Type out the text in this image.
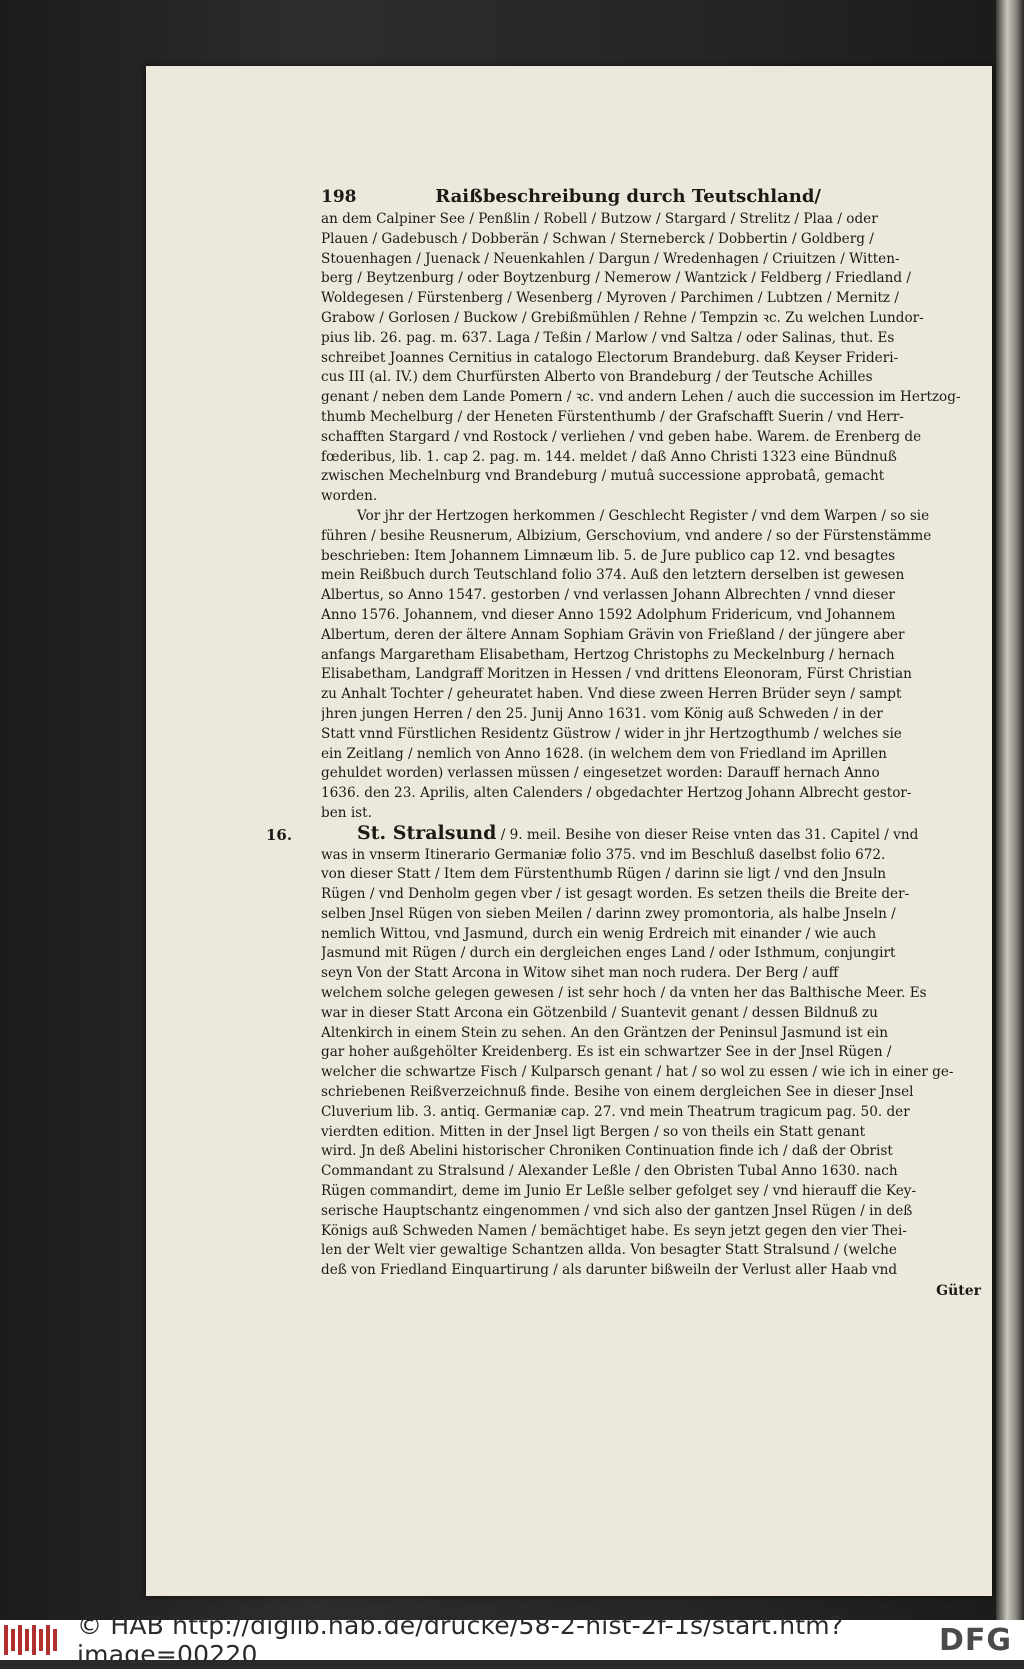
198	Raißbeschreibung durch Teutschland/

an dem Calpiner See / Penßlin / Robell / Butzow / Stargard / Strelitz / Plaa / oder
Plauen / Gadebusch / Dobberän / Schwan / Sterneberck / Dobbertin / Goldberg /
Stouenhagen / Juenack / Neuenkahlen / Dargun / Wredenhagen / Criuitzen / Witten-
berg / Beytzenburg / oder Boytzenburg / Nemerow / Wantzick / Feldberg / Friedland /
Woldegesen / Fürstenberg / Wesenberg / Myroven / Parchimen / Lubtzen / Mernitz /
Grabow / Gorlosen / Buckow / Grebißmühlen / Rehne / Tempzin ꝛc. Zu welchen Lundor-
pius lib. 26. pag. m. 637. Laga / Teßin / Marlow / vnd Saltza / oder Salinas, thut. Es
schreibet Joannes Cernitius in catalogo Electorum Brandeburg. daß Keyser Frideri-
cus III (al. IV.) dem Churfürsten Alberto von Brandeburg / der Teutsche Achilles
genant / neben dem Lande Pomern / ꝛc. vnd andern Lehen / auch die succession im Hertzog-
thumb Mechelburg / der Heneten Fürstenthumb / der Grafschafft Suerin / vnd Herr-
schafften Stargard / vnd Rostock / verliehen / vnd geben habe. Warem. de Erenberg de
fœderibus, lib. 1. cap 2. pag. m. 144. meldet / daß Anno Christi 1323 eine Bündnuß
zwischen Mechelnburg vnd Brandeburg / mutuâ successione approbatâ, gemacht
worden.

Vor jhr der Hertzogen herkommen / Geschlecht Register / vnd dem Warpen / so sie
führen / besihe Reusnerum, Albizium, Gerschovium, vnd andere / so der Fürstenstämme
beschrieben: Item Johannem Limnæum lib. 5. de Jure publico cap 12. vnd besagtes
mein Reißbuch durch Teutschland folio 374. Auß den letztern derselben ist gewesen
Albertus, so Anno 1547. gestorben / vnd verlassen Johann Albrechten / vnnd dieser
Anno 1576. Johannem, vnd dieser Anno 1592 Adolphum Fridericum, vnd Johannem
Albertum, deren der ältere Annam Sophiam Grävin von Frießland / der jüngere aber
anfangs Margaretham Elisabetham, Hertzog Christophs zu Meckelnburg / hernach
Elisabetham, Landgraff Moritzen in Hessen / vnd drittens Eleonoram, Fürst Christian
zu Anhalt Tochter / geheuratet haben. Vnd diese zween Herren Brüder seyn / sampt
jhren jungen Herren / den 25. Junij Anno 1631. vom König auß Schweden / in der
Statt vnnd Fürstlichen Residentz Güstrow / wider in jhr Hertzogthumb / welches sie
ein Zeitlang / nemlich von Anno 1628. (in welchem dem von Friedland im Aprillen
gehuldet worden) verlassen müssen / eingesetzet worden: Darauff hernach Anno
1636. den 23. Aprilis, alten Calenders / obgedachter Hertzog Johann Albrecht gestor-
ben ist.

16.	St. Stralsund / 9. meil. Besihe von dieser Reise vnten das 31. Capitel / vnd
was in vnserm Itinerario Germaniæ folio 375. vnd im Beschluß daselbst folio 672.
von dieser Statt / Item dem Fürstenthumb Rügen / darinn sie ligt / vnd den Jnsuln
Rügen / vnd Denholm gegen vber / ist gesagt worden. Es setzen theils die Breite der-
selben Jnsel Rügen von sieben Meilen / darinn zwey promontoria, als halbe Jnseln /
nemlich Wittou, vnd Jasmund, durch ein wenig Erdreich mit einander / wie auch
Jasmund mit Rügen / durch ein dergleichen enges Land / oder Isthmum, conjungirt
seyn Von der Statt Arcona in Witow sihet man noch rudera. Der Berg / auff
welchem solche gelegen gewesen / ist sehr hoch / da vnten her das Balthische Meer. Es
war in dieser Statt Arcona ein Götzenbild / Suantevit genant / dessen Bildnuß zu
Altenkirch in einem Stein zu sehen. An den Gräntzen der Peninsul Jasmund ist ein
gar hoher außgehölter Kreidenberg. Es ist ein schwartzer See in der Jnsel Rügen /
welcher die schwartze Fisch / Kulparsch genant / hat / so wol zu essen / wie ich in einer ge-
schriebenen Reißverzeichnuß finde. Besihe von einem dergleichen See in dieser Jnsel
Cluverium lib. 3. antiq. Germaniæ cap. 27. vnd mein Theatrum tragicum pag. 50. der
vierdten edition. Mitten in der Jnsel ligt Bergen / so von theils ein Statt genant
wird. Jn deß Abelini historischer Chroniken Continuation finde ich / daß der Obrist
Commandant zu Stralsund / Alexander Leßle / den Obristen Tubal Anno 1630. nach
Rügen commandirt, deme im Junio Er Leßle selber gefolget sey / vnd hierauff die Key-
serische Hauptschantz eingenommen / vnd sich also der gantzen Jnsel Rügen / in deß
Königs auß Schweden Namen / bemächtiget habe. Es seyn jetzt gegen den vier Thei-
len der Welt vier gewaltige Schantzen allda. Von besagter Statt Stralsund / (welche
deß von Friedland Einquartirung / als darunter bißweiln der Verlust aller Haab vnd

Güter
© HAB http://diglib.hab.de/drucke/58-2-hist-2f-1s/start.htm?image=00220	DFG
